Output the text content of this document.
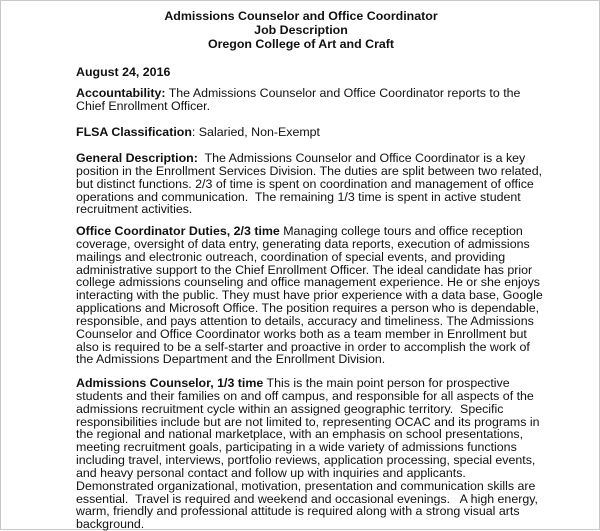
Admissions Counselor and Office Coordinator
Job Description
Oregon College of Art and Craft
August 24, 2016

Accountability: The Admissions Counselor and Office Coordinator reports to the Chief Enrollment Officer.

FLSA Classification: Salaried, Non-Exempt

General Description:  The Admissions Counselor and Office Coordinator is a key position in the Enrollment Services Division. The duties are split between two related, but distinct functions. 2/3 of time is spent on coordination and management of office operations and communication.  The remaining 1/3 time is spent in active student recruitment activities.

Office Coordinator Duties, 2/3 time Managing college tours and office reception coverage, oversight of data entry, generating data reports, execution of admissions mailings and electronic outreach, coordination of special events, and providing administrative support to the Chief Enrollment Officer. The ideal candidate has prior college admissions counseling and office management experience. He or she enjoys interacting with the public. They must have prior experience with a data base, Google applications and Microsoft Office. The position requires a person who is dependable, responsible, and pays attention to details, accuracy and timeliness. The Admissions Counselor and Office Coordinator works both as a team member in Enrollment but also is required to be a self-starter and proactive in order to accomplish the work of the Admissions Department and the Enrollment Division.

Admissions Counselor, 1/3 time This is the main point person for prospective students and their families on and off campus, and responsible for all aspects of the admissions recruitment cycle within an assigned geographic territory.  Specific responsibilities include but are not limited to, representing OCAC and its programs in the regional and national marketplace, with an emphasis on school presentations, meeting recruitment goals, participating in a wide variety of admissions functions including travel, interviews, portfolio reviews, application processing, special events, and heavy personal contact and follow up with inquiries and applicants.  Demonstrated organizational, motivation, presentation and communication skills are essential.  Travel is required and weekend and occasional evenings.   A high energy, warm, friendly and professional attitude is required along with a strong visual arts background.
